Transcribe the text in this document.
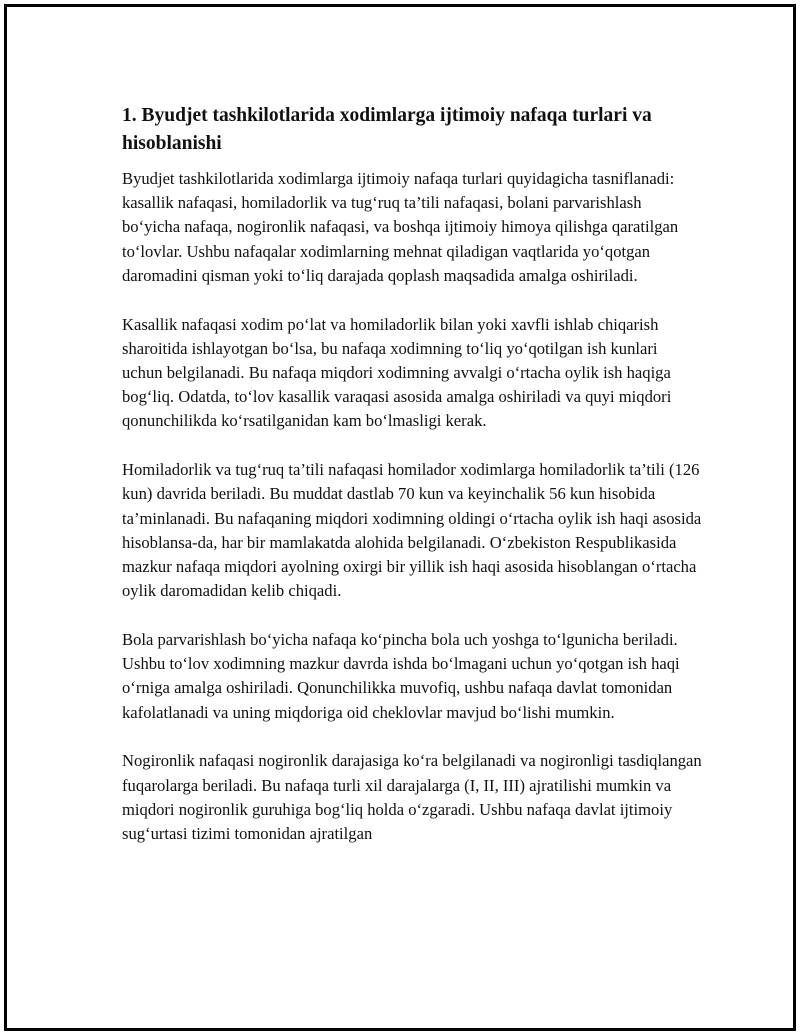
1. Byudjet tashkilotlarida xodimlarga ijtimoiy nafaqa turlari va hisoblanishi

Byudjet tashkilotlarida xodimlarga ijtimoiy nafaqa turlari quyidagicha tasniflanadi: kasallik nafaqasi, homiladorlik va tug‘ruq ta’tili nafaqasi, bolani parvarishlash bo‘yicha nafaqa, nogironlik nafaqasi, va boshqa ijtimoiy himoya qilishga qaratilgan to‘lovlar. Ushbu nafaqalar xodimlarning mehnat qiladigan vaqtlarida yo‘qotgan daromadini qisman yoki to‘liq darajada qoplash maqsadida amalga oshiriladi.

Kasallik nafaqasi xodim po‘lat va homiladorlik bilan yoki xavfli ishlab chiqarish sharoitida ishlayotgan bo‘lsa, bu nafaqa xodimning to‘liq yo‘qotilgan ish kunlari uchun belgilanadi. Bu nafaqa miqdori xodimning avvalgi o‘rtacha oylik ish haqiga bog‘liq. Odatda, to‘lov kasallik varaqasi asosida amalga oshiriladi va quyi miqdori qonunchilikda ko‘rsatilganidan kam bo‘lmasligi kerak.

Homiladorlik va tug‘ruq ta’tili nafaqasi homilador xodimlarga homiladorlik ta’tili (126 kun) davrida beriladi. Bu muddat dastlab 70 kun va keyinchalik 56 kun hisobida ta’minlanadi. Bu nafaqaning miqdori xodimning oldingi o‘rtacha oylik ish haqi asosida hisoblansa-da, har bir mamlakatda alohida belgilanadi. O‘zbekiston Respublikasida mazkur nafaqa miqdori ayolning oxirgi bir yillik ish haqi asosida hisoblangan o‘rtacha oylik daromadidan kelib chiqadi.

Bola parvarishlash bo‘yicha nafaqa ko‘pincha bola uch yoshga to‘lgunicha beriladi. Ushbu to‘lov xodimning mazkur davrda ishda bo‘lmagani uchun yo‘qotgan ish haqi o‘rniga amalga oshiriladi. Qonunchilikka muvofiq, ushbu nafaqa davlat tomonidan kafolatlanadi va uning miqdoriga oid cheklovlar mavjud bo‘lishi mumkin.

Nogironlik nafaqasi nogironlik darajasiga ko‘ra belgilanadi va nogironligi tasdiqlangan fuqarolarga beriladi. Bu nafaqa turli xil darajalarga (I, II, III) ajratilishi mumkin va miqdori nogironlik guruhiga bog‘liq holda o‘zgaradi. Ushbu nafaqa davlat ijtimoiy sug‘urtasi tizimi tomonidan ajratilgan
